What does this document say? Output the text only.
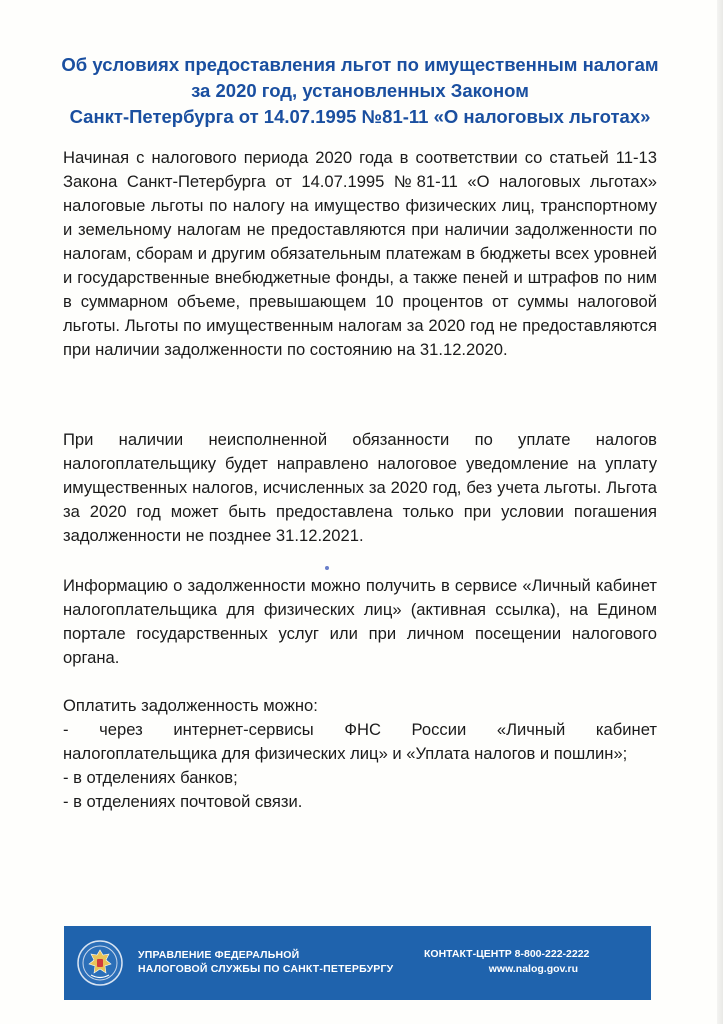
Об условиях предоставления льгот по имущественным налогам
за 2020 год, установленных Законом
Санкт-Петербурга от 14.07.1995 №81-11 «О налоговых льготах»

Начиная с налогового периода 2020 года в соответствии со статьей 11-13 Закона Санкт-Петербурга от 14.07.1995 №81-11 «О налоговых льготах» налоговые льготы по налогу на имущество физических лиц, транспортному и земельному налогам не предоставляются при наличии задолженности по налогам, сборам и другим обязательным платежам в бюджеты всех уровней и государственные внебюджетные фонды, а также пеней и штрафов по ним в суммарном объеме, превышающем 10 процентов от суммы налоговой льготы. Льготы по имущественным налогам за 2020 год не предоставляются при наличии задолженности по состоянию на 31.12.2020.

При наличии неисполненной обязанности по уплате налогов налогоплательщику будет направлено налоговое уведомление на уплату имущественных налогов, исчисленных за 2020 год, без учета льготы. Льгота за 2020 год может быть предоставлена только при условии погашения задолженности не позднее 31.12.2021.

Информацию о задолженности можно получить в сервисе «Личный кабинет налогоплательщика для физических лиц» (активная ссылка), на Едином портале государственных услуг или при личном посещении налогового органа.

Оплатить задолженность можно:

- через интернет-сервисы ФНС России «Личный кабинет налогоплательщика для физических лиц» и «Уплата налогов и пошлин»;

- в отделениях банков;

- в отделениях почтовой связи.

УПРАВЛЕНИЕ ФЕДЕРАЛЬНОЙ
НАЛОГОВОЙ СЛУЖБЫ ПО САНКТ-ПЕТЕРБУРГУ
КОНТАКТ-ЦЕНТР 8-800-222-2222
www.nalog.gov.ru
